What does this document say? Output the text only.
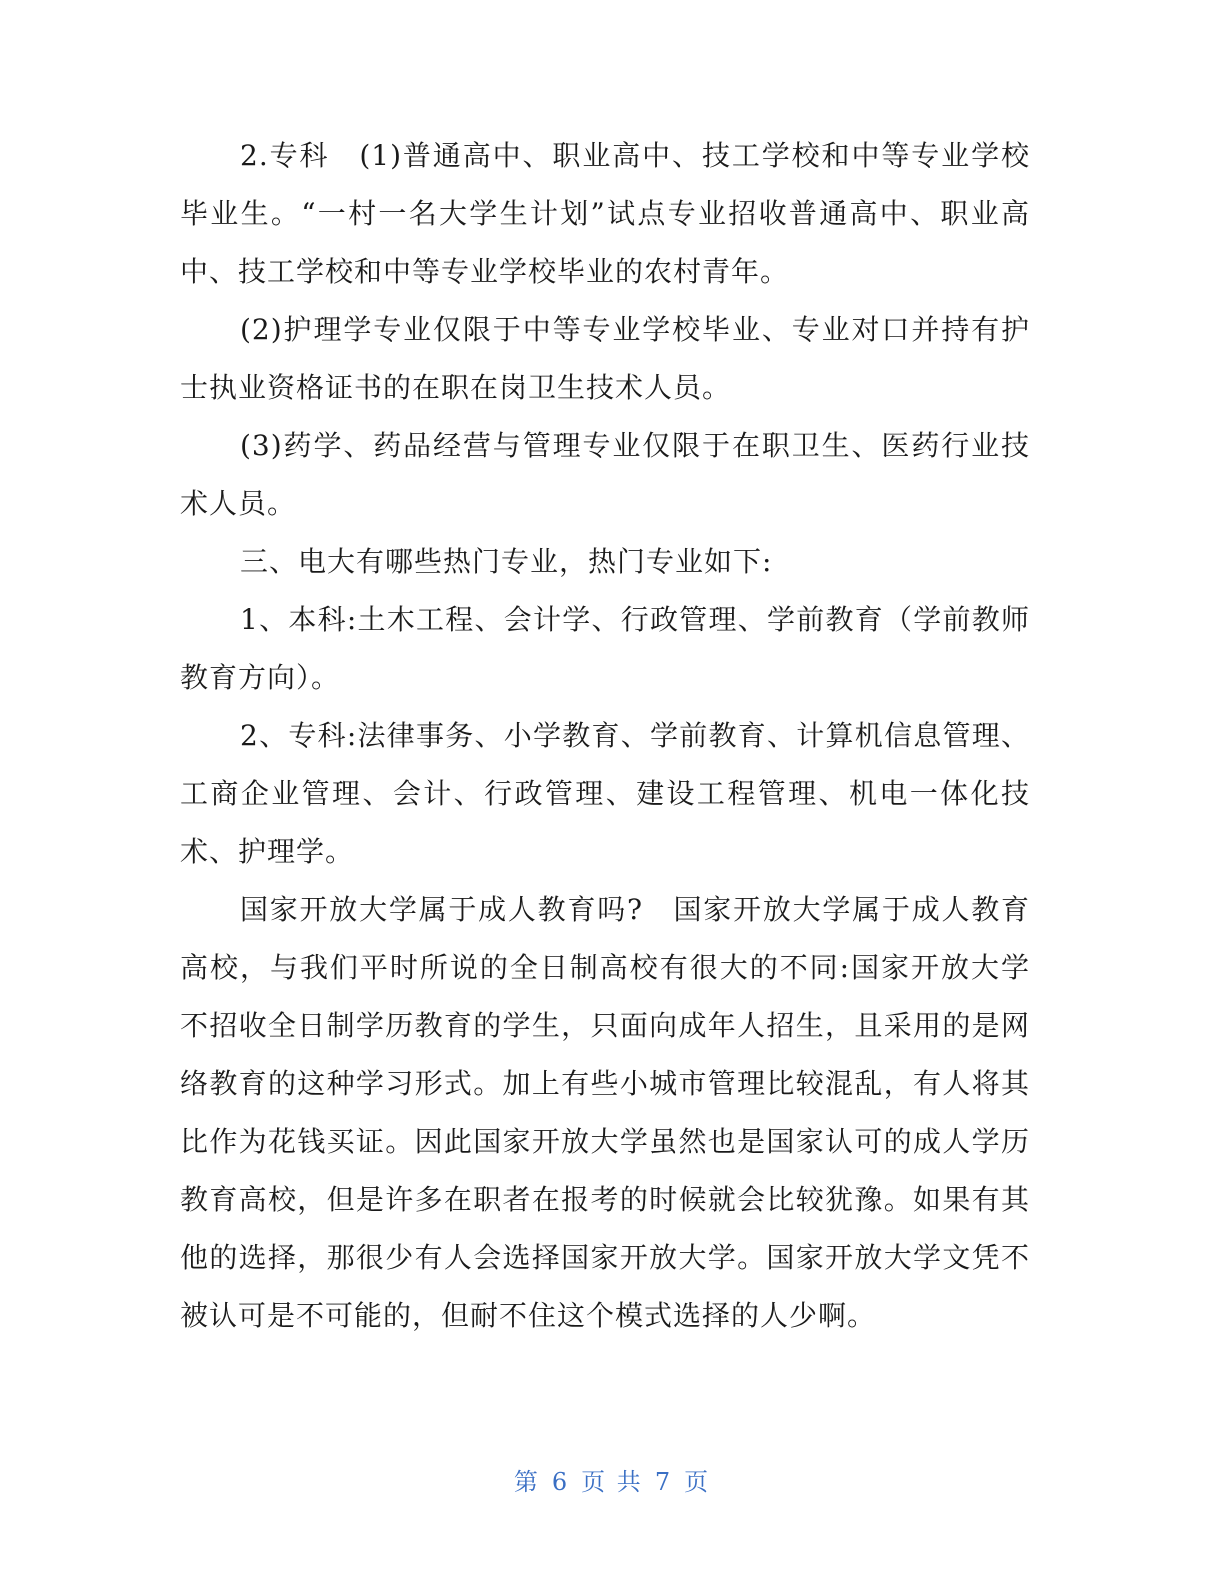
2.专科　(1)普通高中、职业高中、技工学校和中等专业学校毕业生。“一村一名大学生计划”试点专业招收普通高中、职业高中、技工学校和中等专业学校毕业的农村青年。

(2)护理学专业仅限于中等专业学校毕业、专业对口并持有护士执业资格证书的在职在岗卫生技术人员。

(3)药学、药品经营与管理专业仅限于在职卫生、医药行业技术人员。

三、电大有哪些热门专业，热门专业如下:

1、本科:土木工程、会计学、行政管理、学前教育（学前教师教育方向）。

2、专科:法律事务、小学教育、学前教育、计算机信息管理、工商企业管理、会计、行政管理、建设工程管理、机电一体化技术、护理学。

国家开放大学属于成人教育吗?　国家开放大学属于成人教育高校，与我们平时所说的全日制高校有很大的不同:国家开放大学不招收全日制学历教育的学生，只面向成年人招生，且采用的是网络教育的这种学习形式。加上有些小城市管理比较混乱，有人将其比作为花钱买证。因此国家开放大学虽然也是国家认可的成人学历教育高校，但是许多在职者在报考的时候就会比较犹豫。如果有其他的选择，那很少有人会选择国家开放大学。国家开放大学文凭不被认可是不可能的，但耐不住这个模式选择的人少啊。

第 6 页 共 7 页
